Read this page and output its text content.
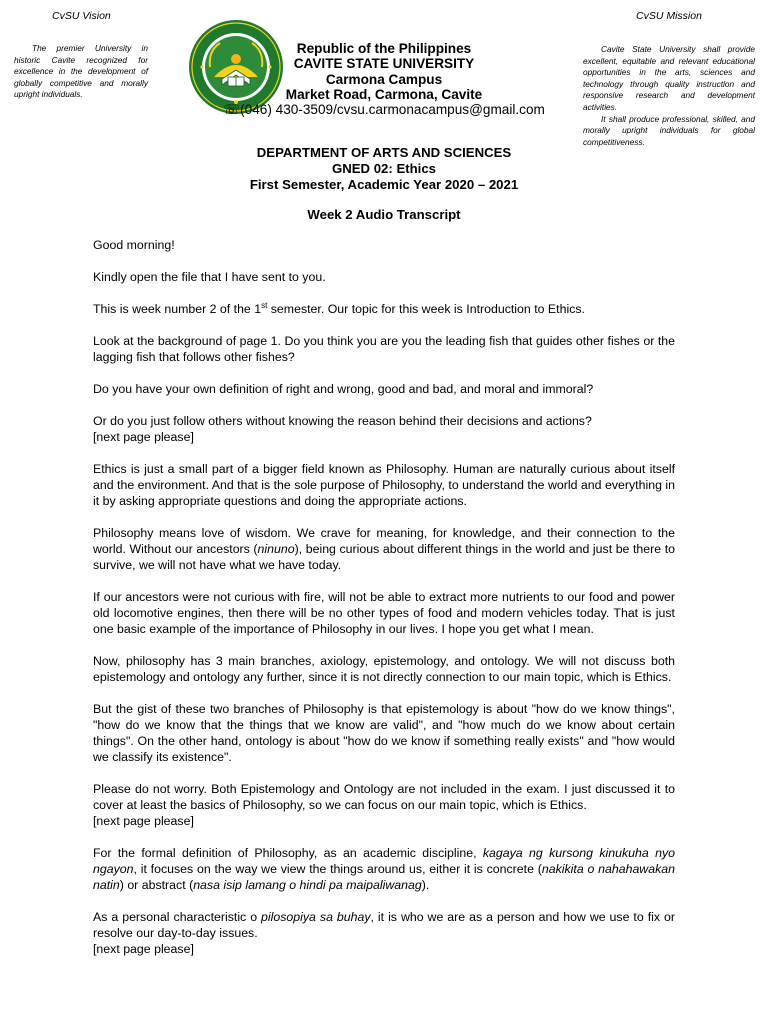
CvSU Vision

The premier University in historic Cavite recognized for excellence in the development of globally competitive and morally upright individuals.

CvSU Mission

Cavite State University shall provide excellent, equitable and relevant educational opportunities in the arts, sciences and technology through quality instruction and responsive research and development activities.

It shall produce professional, skilled, and morally upright individuals for global competitiveness.

Republic of the Philippines
CAVITE STATE UNIVERSITY
Carmona Campus
Market Road, Carmona, Cavite
☏(046) 430-3509/cvsu.carmonacampus@gmail.com
DEPARTMENT OF ARTS AND SCIENCES
GNED 02: Ethics
First Semester, Academic Year 2020 – 2021
Week 2 Audio Transcript

Good morning!

Kindly open the file that I have sent to you.

This is week number 2 of the 1st semester. Our topic for this week is Introduction to Ethics.

Look at the background of page 1. Do you think you are you the leading fish that guides other fishes or the lagging fish that follows other fishes?

Do you have your own definition of right and wrong, good and bad, and moral and immoral?

Or do you just follow others without knowing the reason behind their decisions and actions?
[next page please]

Ethics is just a small part of a bigger field known as Philosophy. Human are naturally curious about itself and the environment. And that is the sole purpose of Philosophy, to understand the world and everything in it by asking appropriate questions and doing the appropriate actions.

Philosophy means love of wisdom. We crave for meaning, for knowledge, and their connection to the world. Without our ancestors (ninuno), being curious about different things in the world and just be there to survive, we will not have what we have today.

If our ancestors were not curious with fire, will not be able to extract more nutrients to our food and power old locomotive engines, then there will be no other types of food and modern vehicles today. That is just one basic example of the importance of Philosophy in our lives. I hope you get what I mean.

Now, philosophy has 3 main branches, axiology, epistemology, and ontology. We will not discuss both epistemology and ontology any further, since it is not directly connection to our main topic, which is Ethics.

But the gist of these two branches of Philosophy is that epistemology is about "how do we know things", "how do we know that the things that we know are valid", and "how much do we know about certain things". On the other hand, ontology is about "how do we know if something really exists" and "how would we classify its existence".

Please do not worry. Both Epistemology and Ontology are not included in the exam. I just discussed it to cover at least the basics of Philosophy, so we can focus on our main topic, which is Ethics.
[next page please]

For the formal definition of Philosophy, as an academic discipline, kagaya ng kursong kinukuha nyo ngayon, it focuses on the way we view the things around us, either it is concrete (nakikita o nahahawakan natin) or abstract (nasa isip lamang o hindi pa maipaliwanag).

As a personal characteristic o pilosopiya sa buhay, it is who we are as a person and how we use to fix or resolve our day-to-day issues.
[next page please]
